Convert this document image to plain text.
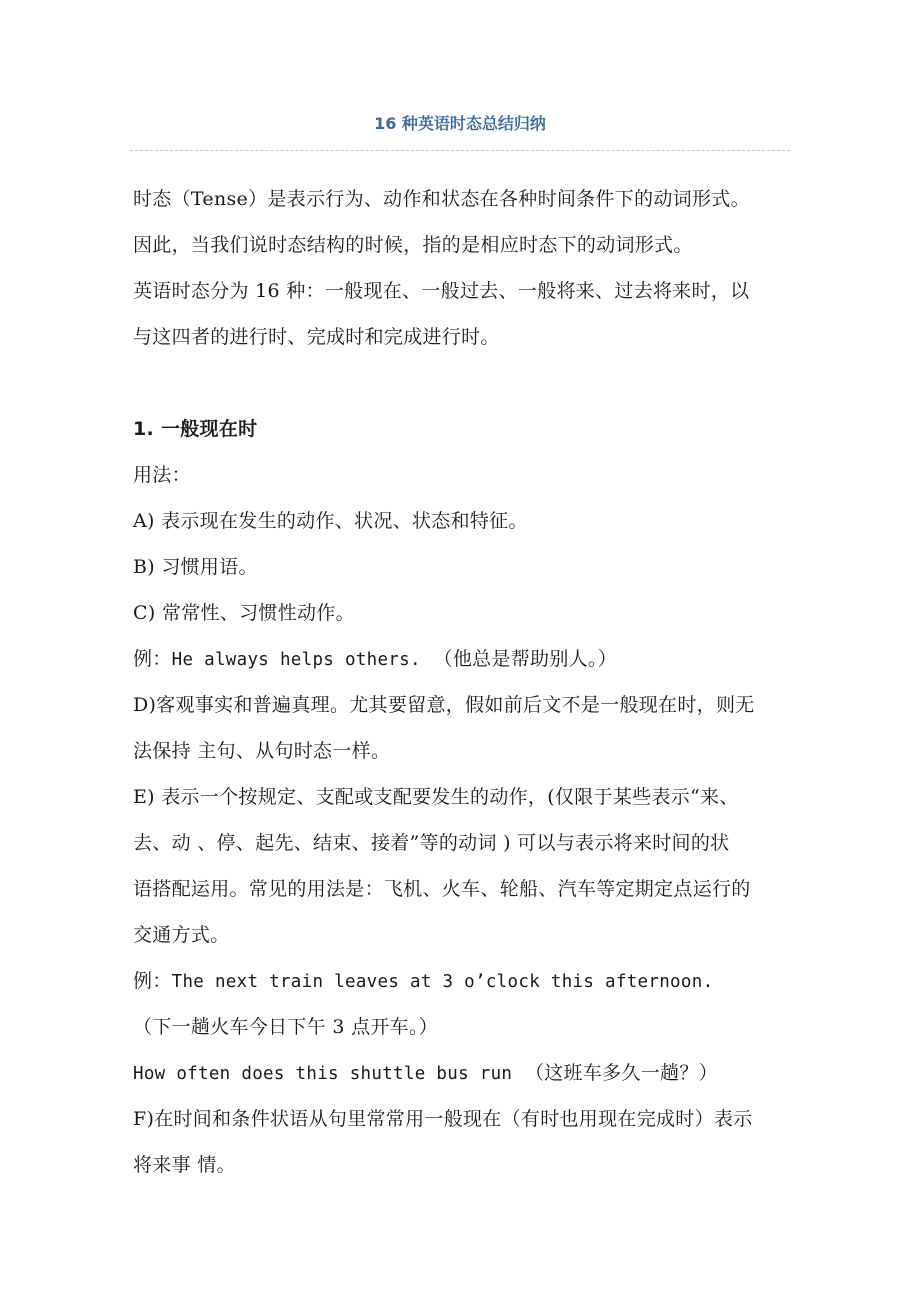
16 种英语时态总结归纳
时态（Tense）是表示行为、动作和状态在各种时间条件下的动词形式。
因此，当我们说时态结构的时候，指的是相应时态下的动词形式。
英语时态分为 16 种：一般现在、一般过去、一般将来、过去将来时，以
与这四者的进行时、完成时和完成进行时。
1. 一般现在时
用法：
A) 表示现在发生的动作、状况、状态和特征。
B) 习惯用语。
C) 常常性、习惯性动作。
例：He always helps others. （他总是帮助别人。）
D)客观事实和普遍真理。尤其要留意，假如前后文不是一般现在时，则无
法保持 主句、从句时态一样。
E) 表示一个按规定、支配或支配要发生的动作，(仅限于某些表示“来、
去、动 、停、起先、结束、接着”等的动词 ) 可以与表示将来时间的状
语搭配运用。常见的用法是：飞机、火车、轮船、汽车等定期定点运行的
交通方式。
例：The next train leaves at 3 o’clock this afternoon.
（下一趟火车今日下午 3 点开车。）
How often does this shuttle bus run （这班车多久一趟？）
F)在时间和条件状语从句里常常用一般现在（有时也用现在完成时）表示
将来事 情。
